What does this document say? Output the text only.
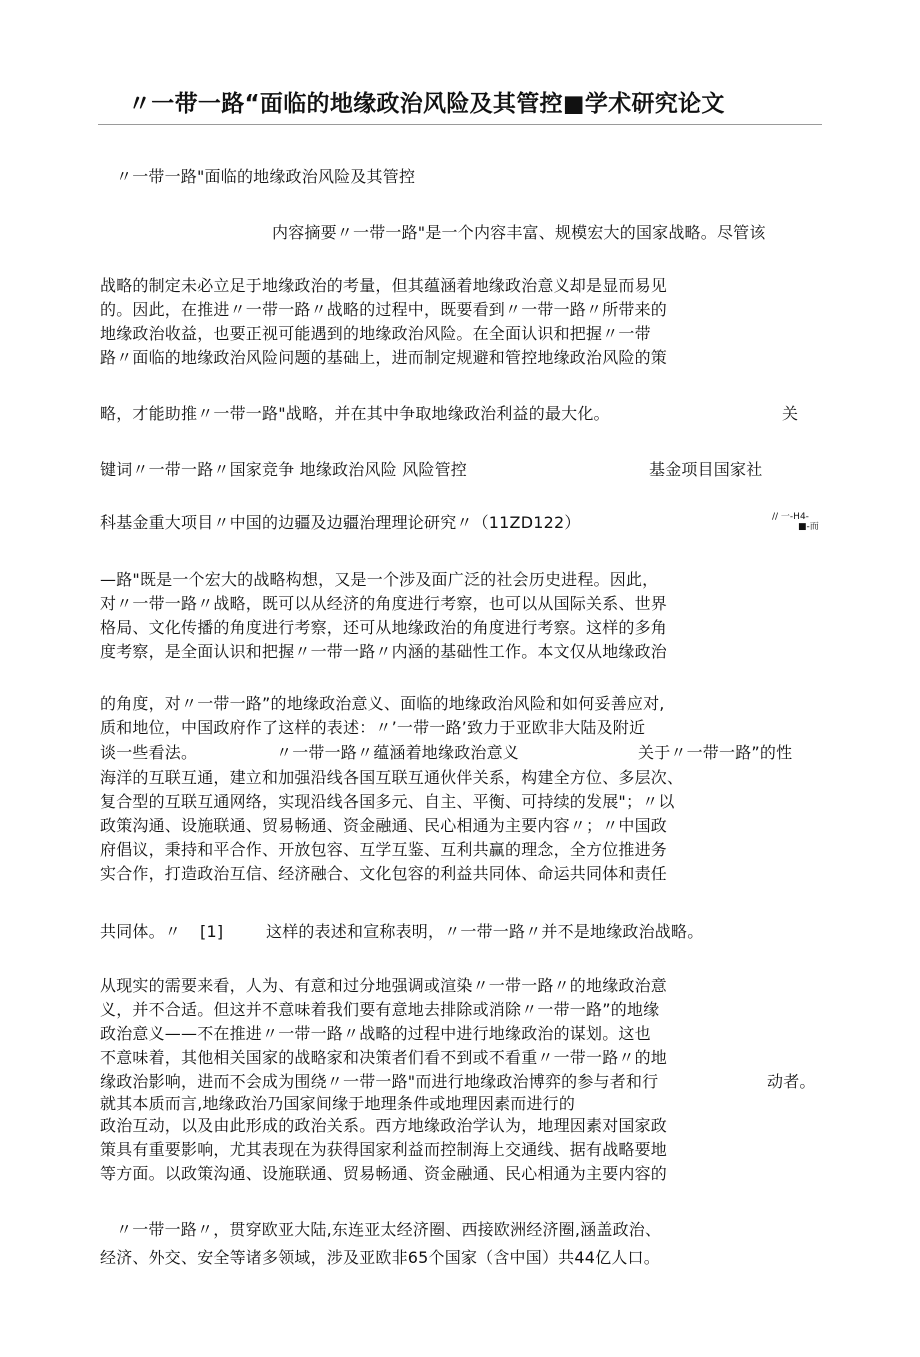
〃一带一路“面临的地缘政治风险及其管控■学术研究论文
〃一带一路"面临的地缘政治风险及其管控
内容摘要〃一带一路"是一个内容丰富、规模宏大的国家战略。尽管该
战略的制定未必立足于地缘政治的考量，但其蕴涵着地缘政治意义却是显而易见
的。因此，在推进〃一带一路〃战略的过程中，既要看到〃一带一路〃所带来的
地缘政治收益，也要正视可能遇到的地缘政治风险。在全面认识和把握〃一带
路〃面临的地缘政治风险问题的基础上，进而制定规避和管控地缘政治风险的策
略，才能助推〃一带一路"战略，并在其中争取地缘政治利益的最大化。	关
键词〃一带一路〃国家竞争 地缘政治风险 风险管控	基金项目国家社
科基金重大项目〃中国的边疆及边疆治理理论研究〃（11ZD122）	// 一-H4-
■-而
—路"既是一个宏大的战略构想，又是一个涉及面广泛的社会历史进程。因此，
对〃一带一路〃战略，既可以从经济的角度进行考察，也可以从国际关系、世界
格局、文化传播的角度进行考察，还可从地缘政治的角度进行考察。这样的多角
度考察，是全面认识和把握〃一带一路〃内涵的基础性工作。本文仅从地缘政治
的角度，对〃一带一路”的地缘政治意义、面临的地缘政治风险和如何妥善应对,
质和地位，中国政府作了这样的表述：〃’一带一路’致力于亚欧非大陆及附近
谈一些看法。	〃一带一路〃蕴涵着地缘政治意义	关于〃一带一路”的性
海洋的互联互通，建立和加强沿线各国互联互通伙伴关系，构建全方位、多层次、
复合型的互联互通网络，实现沿线各国多元、自主、平衡、可持续的发展"；〃以
政策沟通、设施联通、贸易畅通、资金融通、民心相通为主要内容〃；〃中国政
府倡议，秉持和平合作、开放包容、互学互鉴、互利共赢的理念，全方位推进务
实合作，打造政治互信、经济融合、文化包容的利益共同体、命运共同体和责任
共同体。〃 [1]	这样的表述和宣称表明，〃一带一路〃并不是地缘政治战略。
从现实的需要来看，人为、有意和过分地强调或渲染〃一带一路〃的地缘政治意
义，并不合适。但这并不意味着我们要有意地去排除或消除〃一带一路”的地缘
政治意义——不在推进〃一带一路〃战略的过程中进行地缘政治的谋划。这也
不意味着，其他相关国家的战略家和决策者们看不到或不看重〃一带一路〃的地
缘政治影响，进而不会成为围绕〃一带一路"而进行地缘政治博弈的参与者和行	动者。
就其本质而言,地缘政治乃国家间缘于地理条件或地理因素而进行的
政治互动，以及由此形成的政治关系。西方地缘政治学认为，地理因素对国家政
策具有重要影响，尤其表现在为获得国家利益而控制海上交通线、据有战略要地
等方面。以政策沟通、设施联通、贸易畅通、资金融通、民心相通为主要内容的
〃一带一路〃，贯穿欧亚大陆,东连亚太经济圈、西接欧洲经济圈,涵盖政治、
经济、外交、安全等诸多领域，涉及亚欧非65个国家（含中国）共44亿人口。
